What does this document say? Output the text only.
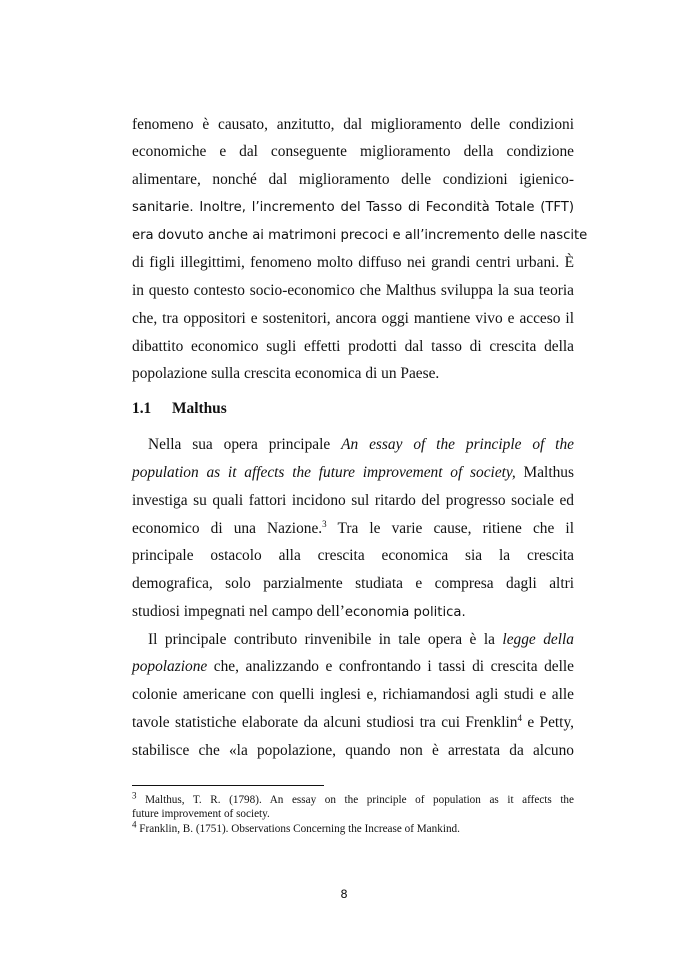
fenomeno è causato, anzitutto, dal miglioramento delle condizioni
economiche e dal conseguente miglioramento della condizione
alimentare, nonché dal miglioramento delle condizioni igienico-
sanitarie. Inoltre, l’incremento del Tasso di Fecondità Totale (TFT)
era dovuto anche ai matrimoni precoci e all’incremento delle nascite
di figli illegittimi, fenomeno molto diffuso nei grandi centri urbani. È
in questo contesto socio-economico che Malthus sviluppa la sua teoria
che, tra oppositori e sostenitori, ancora oggi mantiene vivo e acceso il
dibattito economico sugli effetti prodotti dal tasso di crescita della
popolazione sulla crescita economica di un Paese.
1.1 Malthus
Nella sua opera principale An essay of the principle of the
population as it affects the future improvement of society, Malthus
investiga su quali fattori incidono sul ritardo del progresso sociale ed
economico di una Nazione.$^3$ Tra le varie cause, ritiene che il
principale ostacolo alla crescita economica sia la crescita
demografica, solo parzialmente studiata e compresa dagli altri
studiosi impegnati nel campo dell’economia politica.
Il principale contributo rinvenibile in tale opera è la legge della
popolazione che, analizzando e confrontando i tassi di crescita delle
colonie americane con quelli inglesi e, richiamandosi agli studi e alle
tavole statistiche elaborate da alcuni studiosi tra cui Frenklin$^4$ e Petty,
stabilisce che «la popolazione, quando non è arrestata da alcuno
$^3$ Malthus, T. R. (1798). An essay on the principle of population as it affects the
future improvement of society.
$^4$ Franklin, B. (1751). Observations Concerning the Increase of Mankind.
8
